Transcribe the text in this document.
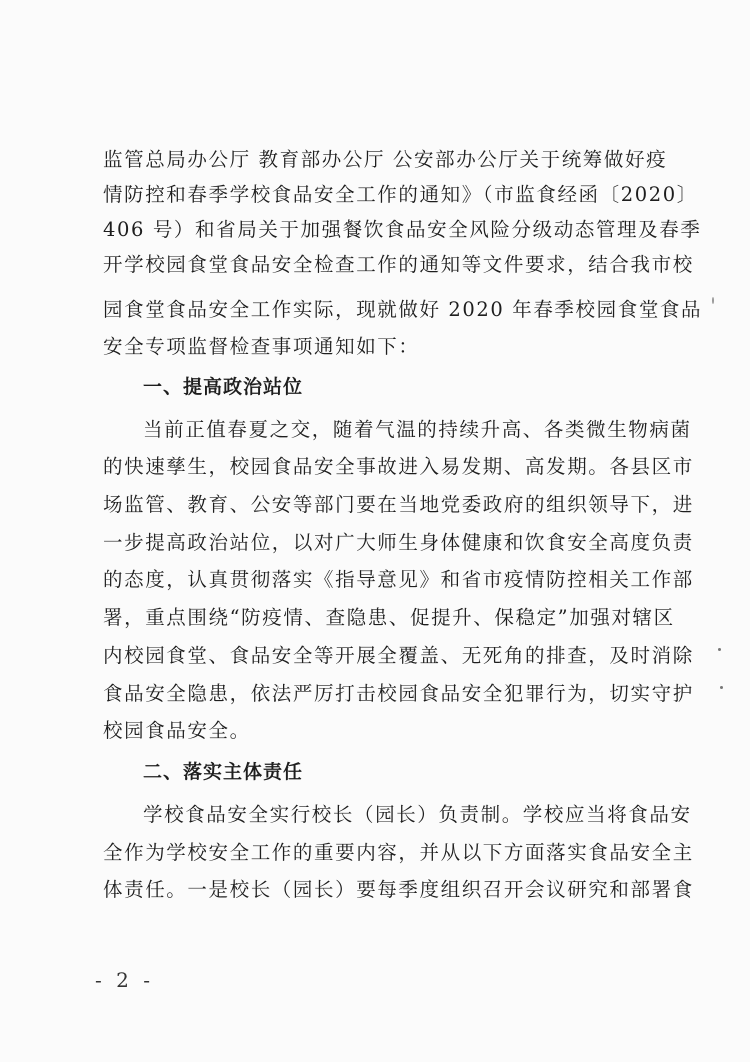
监管总局办公厅 教育部办公厅 公安部办公厅关于统筹做好疫
情防控和春季学校食品安全工作的通知》（市监食经函〔2020〕
406 号）和省局关于加强餐饮食品安全风险分级动态管理及春季
开学校园食堂食品安全检查工作的通知等文件要求，结合我市校
园食堂食品安全工作实际，现就做好 2020 年春季校园食堂食品
安全专项监督检查事项通知如下：
一、提高政治站位
当前正值春夏之交，随着气温的持续升高、各类微生物病菌
的快速孳生，校园食品安全事故进入易发期、高发期。各县区市
场监管、教育、公安等部门要在当地党委政府的组织领导下，进
一步提高政治站位，以对广大师生身体健康和饮食安全高度负责
的态度，认真贯彻落实《指导意见》和省市疫情防控相关工作部
署，重点围绕“防疫情、查隐患、促提升、保稳定”加强对辖区
内校园食堂、食品安全等开展全覆盖、无死角的排查，及时消除
食品安全隐患，依法严厉打击校园食品安全犯罪行为，切实守护
校园食品安全。
二、落实主体责任
学校食品安全实行校长（园长）负责制。学校应当将食品安
全作为学校安全工作的重要内容，并从以下方面落实食品安全主
体责任。一是校长（园长）要每季度组织召开会议研究和部署食
- 2 -
